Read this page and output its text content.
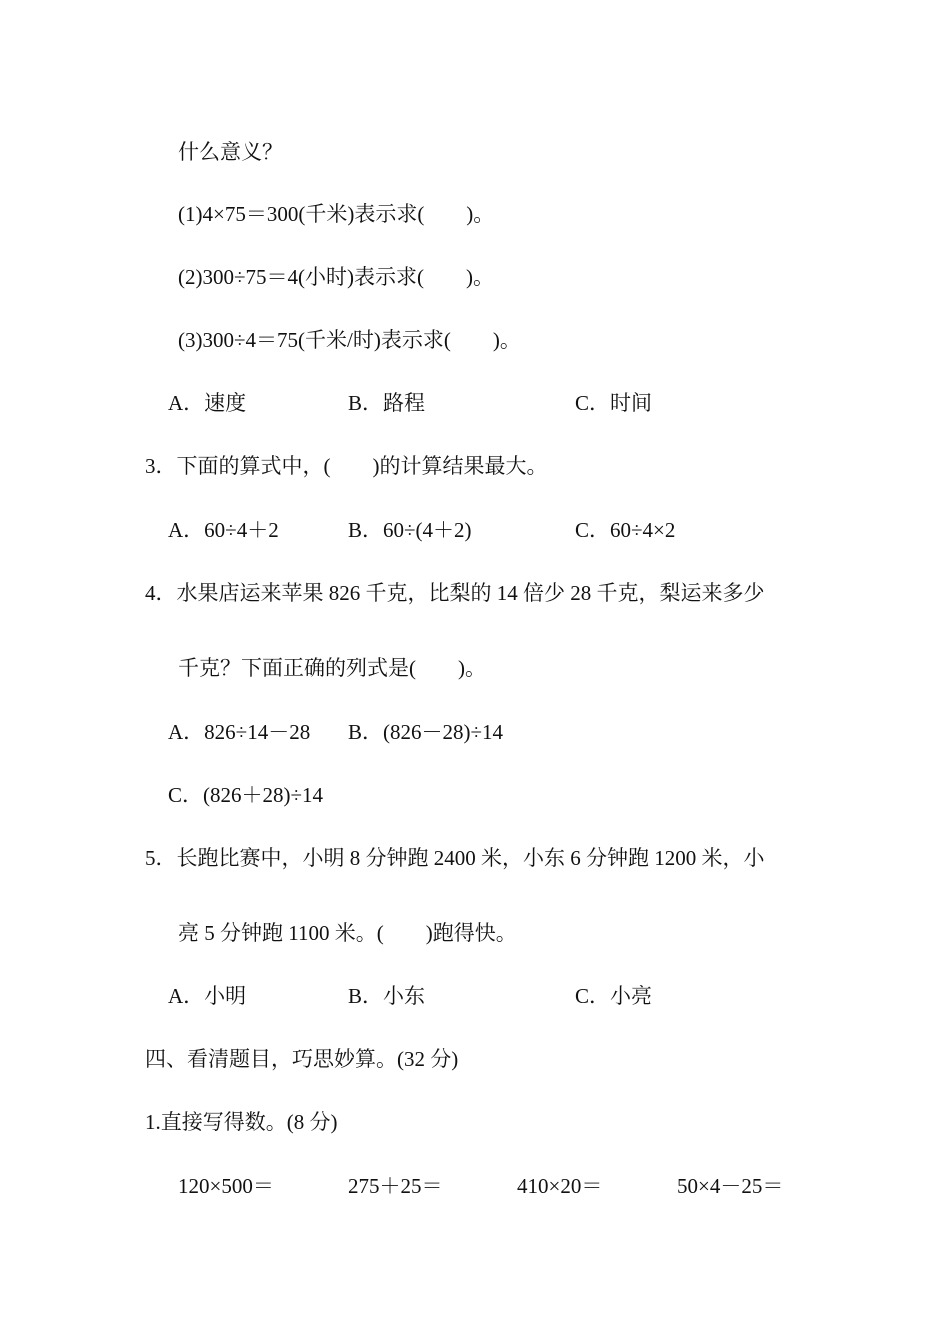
什么意义？
(1)4×75＝300(千米)表示求(　　)。
(2)300÷75＝4(小时)表示求(　　)。
(3)300÷4＝75(千米/时)表示求(　　)。
A．速度	B．路程	C．时间
3．下面的算式中，(　　)的计算结果最大。
A．60÷4＋2	B．60÷(4＋2)	C．60÷4×2
4．水果店运来苹果 826 千克，比梨的 14 倍少 28 千克，梨运来多少
千克？下面正确的列式是(　　)。
A．826÷14－28 B．(826－28)÷14
C．(826＋28)÷14
5．长跑比赛中，小明 8 分钟跑 2400 米，小东 6 分钟跑 1200 米，小
亮 5 分钟跑 1100 米。(　　)跑得快。
A．小明	B．小东	C．小亮
四、看清题目，巧思妙算。(32 分)
1.直接写得数。(8 分)
120×500＝	275＋25＝	410×20＝	50×4－25＝
